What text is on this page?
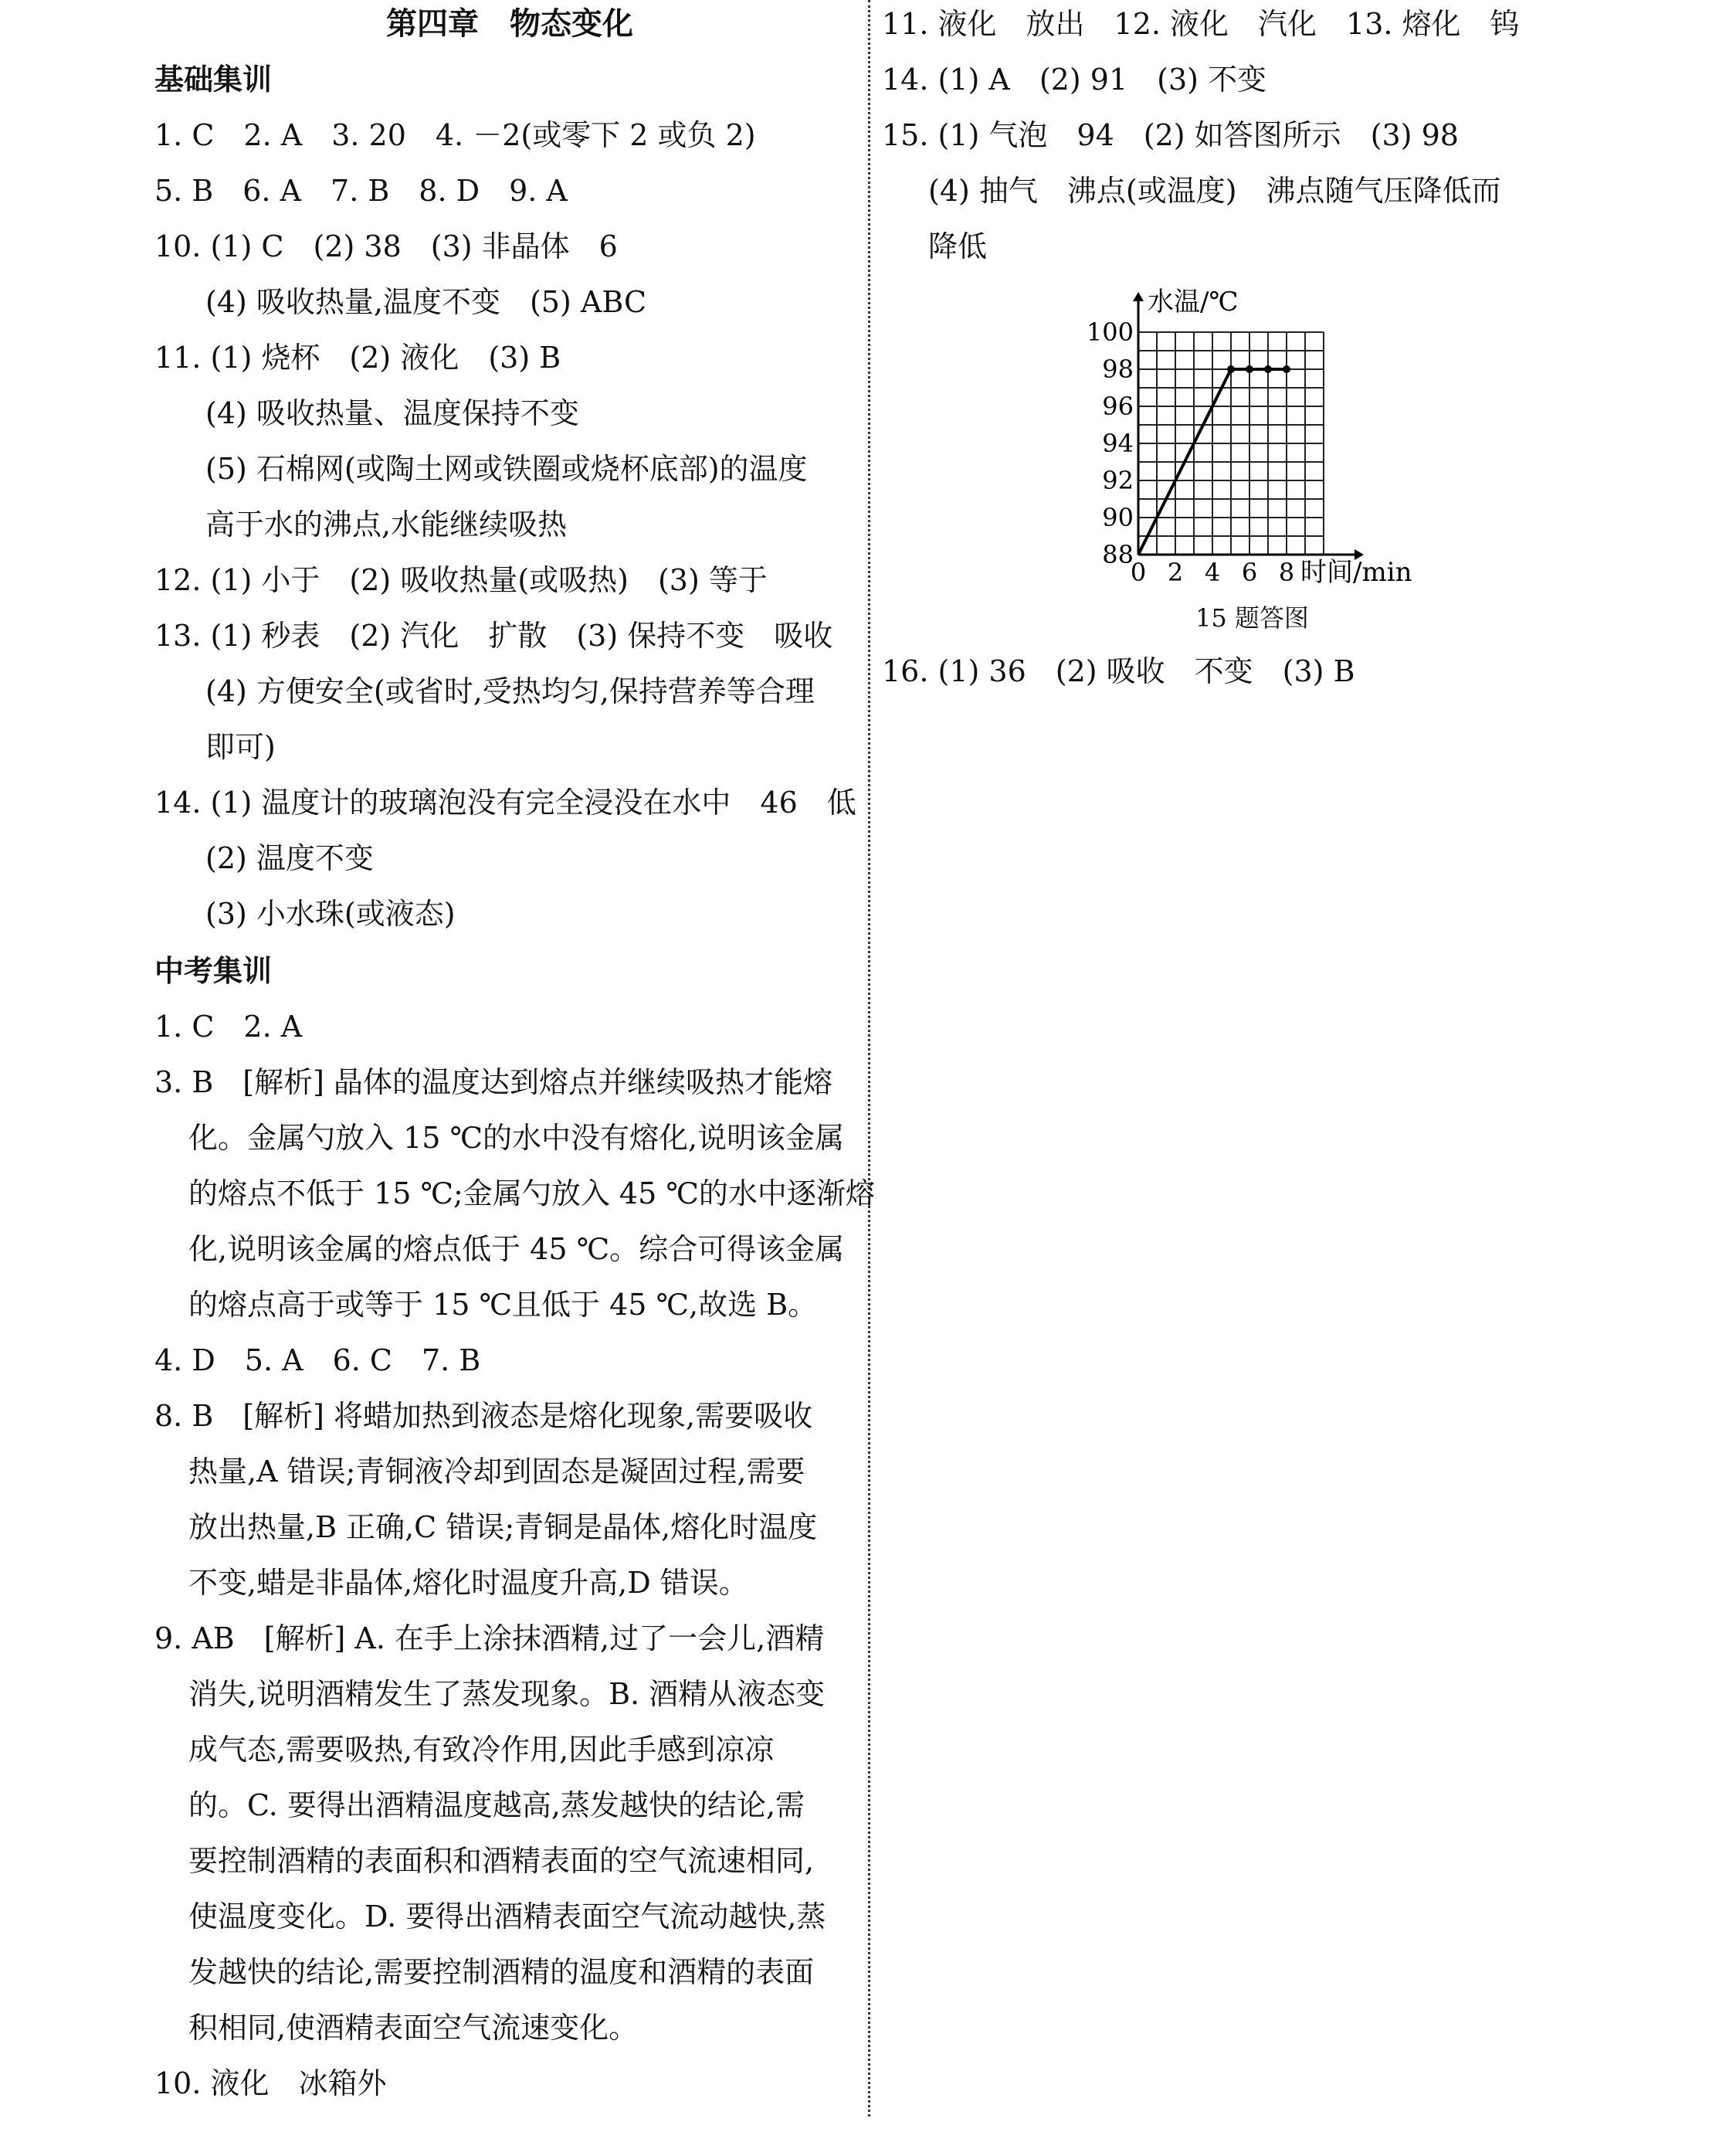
第四章　物态变化
基础集训
1. C　2. A　3. 20　4. －2(或零下 2 或负 2)
5. B　6. A　7. B　8. D　9. A
10. (1) C　(2) 38　(3) 非晶体　6
(4) 吸收热量,温度不变　(5) ABC
11. (1) 烧杯　(2) 液化　(3) B
(4) 吸收热量、温度保持不变
(5) 石棉网(或陶土网或铁圈或烧杯底部)的温度
高于水的沸点,水能继续吸热
12. (1) 小于　(2) 吸收热量(或吸热)　(3) 等于
13. (1) 秒表　(2) 汽化　扩散　(3) 保持不变　吸收
(4) 方便安全(或省时,受热均匀,保持营养等合理
即可)
14. (1) 温度计的玻璃泡没有完全浸没在水中　46　低
(2) 温度不变
(3) 小水珠(或液态)
中考集训
1. C　2. A
3. B　[解析] 晶体的温度达到熔点并继续吸热才能熔
化。金属勺放入 15 ℃的水中没有熔化,说明该金属
的熔点不低于 15 ℃;金属勺放入 45 ℃的水中逐渐熔
化,说明该金属的熔点低于 45 ℃。综合可得该金属
的熔点高于或等于 15 ℃且低于 45 ℃,故选 B。
4. D　5. A　6. C　7. B
8. B　[解析] 将蜡加热到液态是熔化现象,需要吸收
热量,A 错误;青铜液冷却到固态是凝固过程,需要
放出热量,B 正确,C 错误;青铜是晶体,熔化时温度
不变,蜡是非晶体,熔化时温度升高,D 错误。
9. AB　[解析] A. 在手上涂抹酒精,过了一会儿,酒精
消失,说明酒精发生了蒸发现象。B. 酒精从液态变
成气态,需要吸热,有致冷作用,因此手感到凉凉
的。C. 要得出酒精温度越高,蒸发越快的结论,需
要控制酒精的表面积和酒精表面的空气流速相同,
使温度变化。D. 要得出酒精表面空气流动越快,蒸
发越快的结论,需要控制酒精的温度和酒精的表面
积相同,使酒精表面空气流速变化。
10. 液化　冰箱外
11. 液化　放出　12. 液化　汽化　13. 熔化　钨
14. (1) A　(2) 91　(3) 不变
15. (1) 气泡　94　(2) 如答图所示　(3) 98
(4) 抽气　沸点(或温度)　沸点随气压降低而
降低
16. (1) 36　(2) 吸收　不变　(3) B
0 2 4 6 8
88
90
92
94
96
98
100
水温/℃
时间/min
15 题答图
